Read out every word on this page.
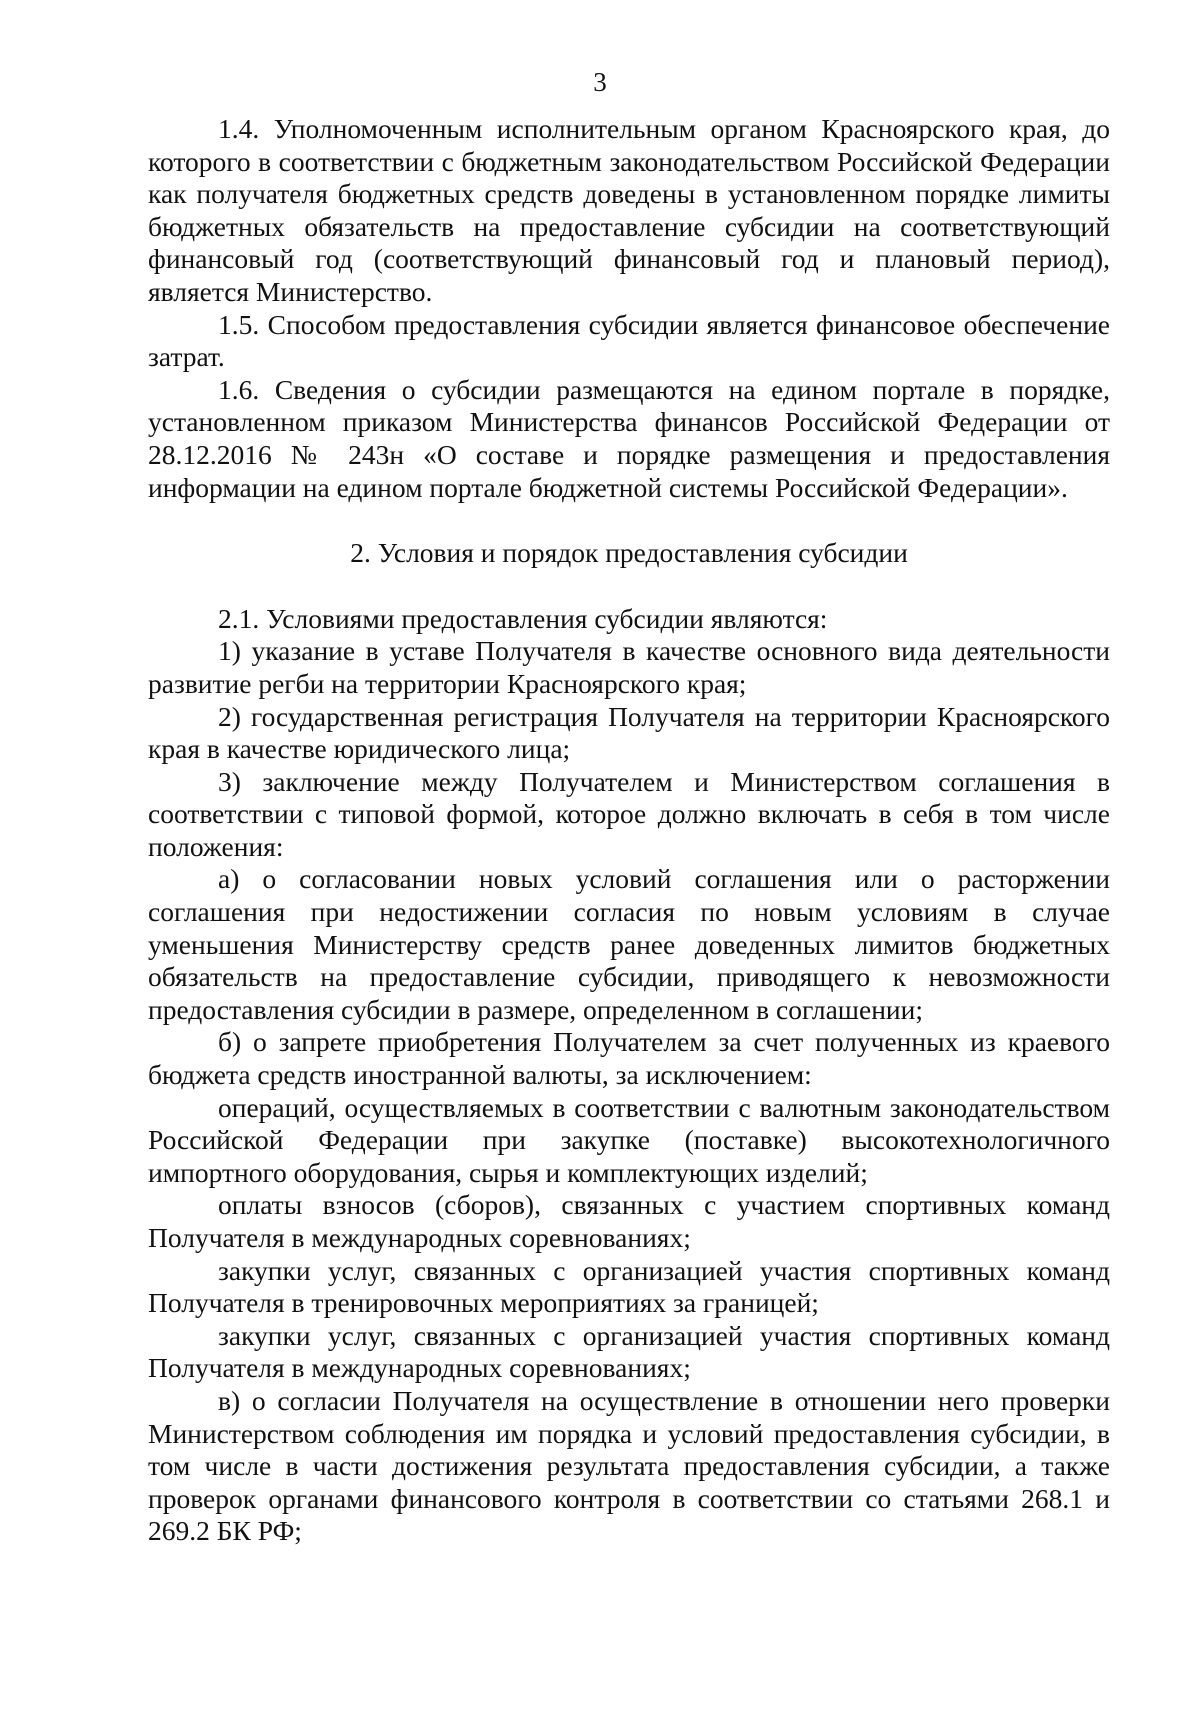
3

1.4. Уполномоченным исполнительным органом Красноярского края, до которого в соответствии с бюджетным законодательством Российской Федерации как получателя бюджетных средств доведены в установленном порядке лимиты бюджетных обязательств на предоставление субсидии на соответствующий финансовый год (соответствующий финансовый год и плановый период), является Министерство.

1.5. Способом предоставления субсидии является финансовое обеспечение затрат.

1.6. Сведения о субсидии размещаются на едином портале в порядке, установленном приказом Министерства финансов Российской Федерации от 28.12.2016 № 243н «О составе и порядке размещения и предоставления информации на едином портале бюджетной системы Российской Федерации».

2. Условия и порядок предоставления субсидии

2.1. Условиями предоставления субсидии являются:

1) указание в уставе Получателя в качестве основного вида деятельности развитие регби на территории Красноярского края;

2) государственная регистрация Получателя на территории Красноярского края в качестве юридического лица;

3) заключение между Получателем и Министерством соглашения в соответствии с типовой формой, которое должно включать в себя в том числе положения:

а) о согласовании новых условий соглашения или о расторжении соглашения при недостижении согласия по новым условиям в случае уменьшения Министерству средств ранее доведенных лимитов бюджетных обязательств на предоставление субсидии, приводящего к невозможности предоставления субсидии в размере, определенном в соглашении;

б) о запрете приобретения Получателем за счет полученных из краевого бюджета средств иностранной валюты, за исключением:

операций, осуществляемых в соответствии с валютным законодательством Российской Федерации при закупке (поставке) высокотехнологичного импортного оборудования, сырья и комплектующих изделий;

оплаты взносов (сборов), связанных с участием спортивных команд Получателя в международных соревнованиях;

закупки услуг, связанных с организацией участия спортивных команд Получателя в тренировочных мероприятиях за границей;

закупки услуг, связанных с организацией участия спортивных команд Получателя в международных соревнованиях;

в) о согласии Получателя на осуществление в отношении него проверки Министерством соблюдения им порядка и условий предоставления субсидии, в том числе в части достижения результата предоставления субсидии, а также проверок органами финансового контроля в соответствии со статьями 268.1 и 269.2 БК РФ;
